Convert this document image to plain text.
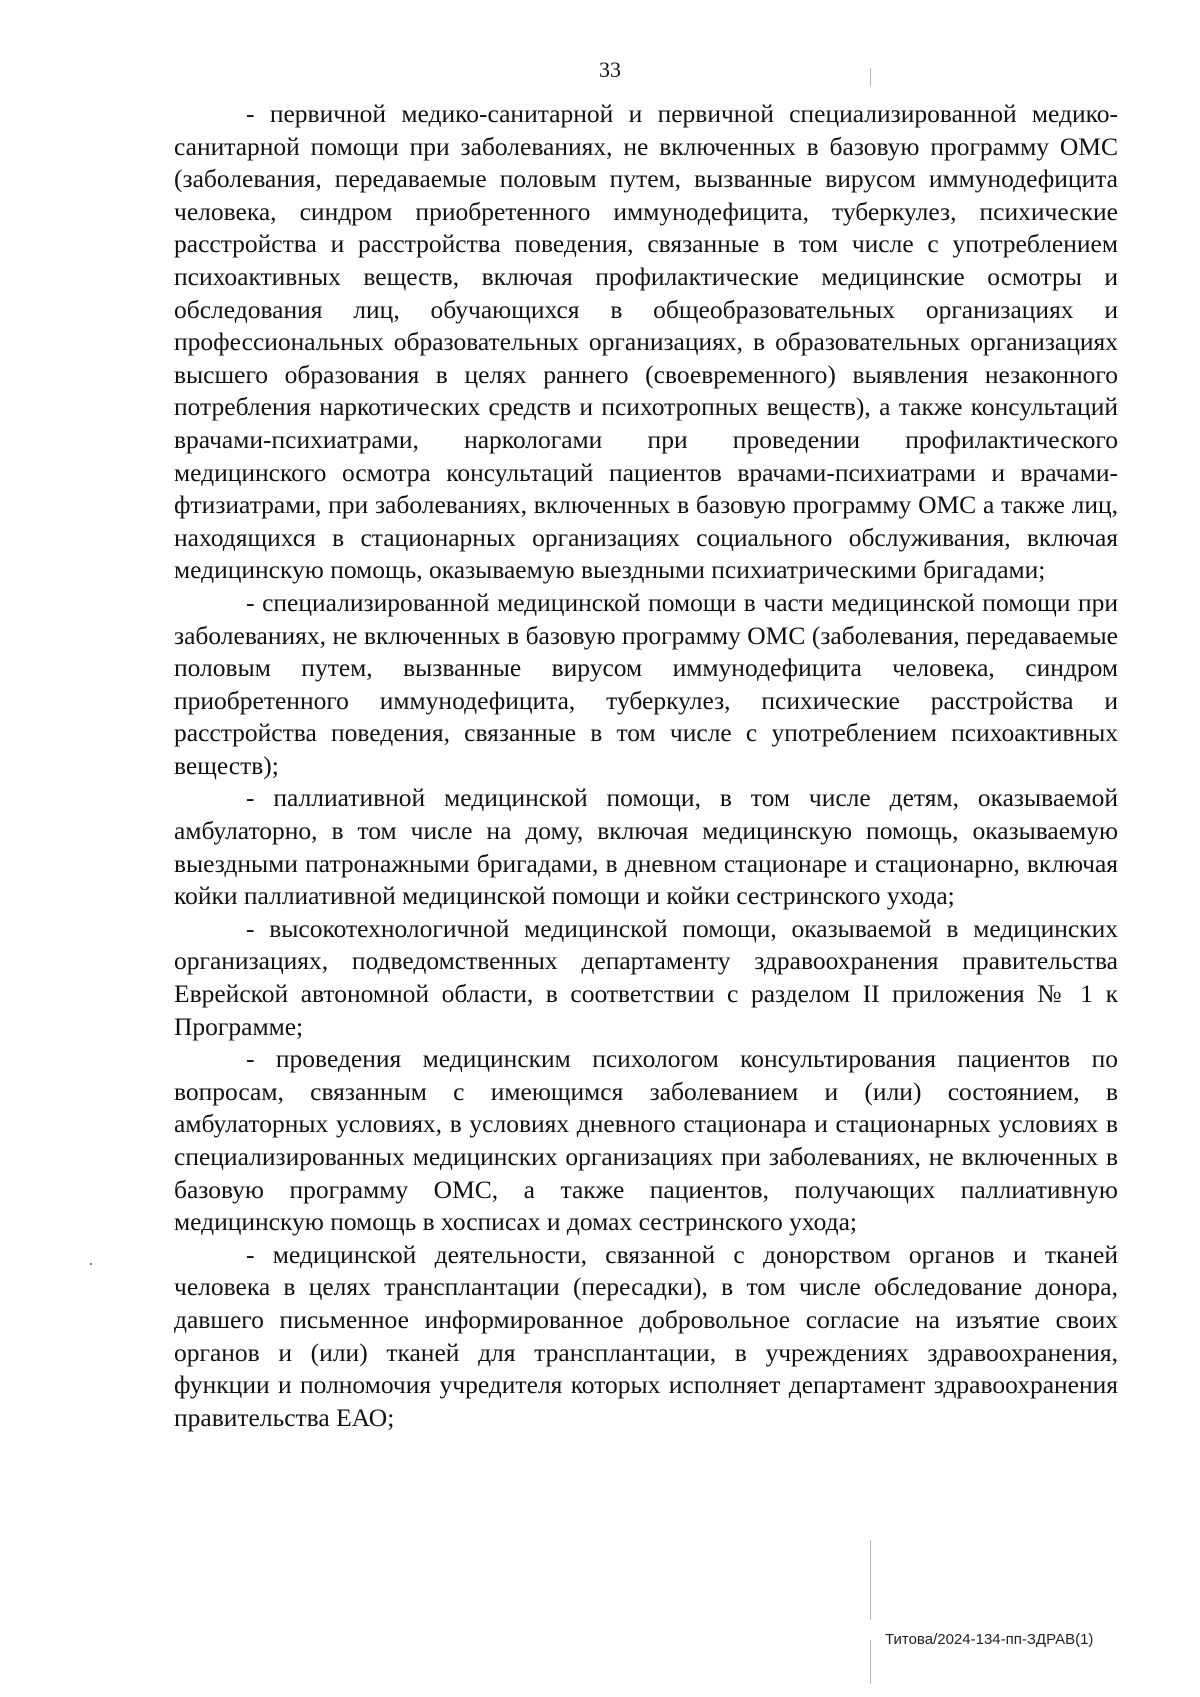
33

- первичной медико-санитарной и первичной специализированной медико-санитарной помощи при заболеваниях, не включенных в базовую программу ОМС (заболевания, передаваемые половым путем, вызванные вирусом иммунодефицита человека, синдром приобретенного иммунодефицита, туберкулез, психические расстройства и расстройства поведения, связанные в том числе с употреблением психоактивных веществ, включая профилактические медицинские осмотры и обследования лиц, обучающихся в общеобразовательных организациях и профессиональных образовательных организациях, в образовательных организациях высшего образования в целях раннего (своевременного) выявления незаконного потребления наркотических средств и психотропных веществ), а также консультаций врачами-психиатрами, наркологами при проведении профилактического медицинского осмотра консультаций пациентов врачами-психиатрами и врачами-фтизиатрами, при заболеваниях, включенных в базовую программу ОМС а также лиц, находящихся в стационарных организациях социального обслуживания, включая медицинскую помощь, оказываемую выездными психиатрическими бригадами;

- специализированной медицинской помощи в части медицинской помощи при заболеваниях, не включенных в базовую программу ОМС (заболевания, передаваемые половым путем, вызванные вирусом иммунодефицита человека, синдром приобретенного иммунодефицита, туберкулез, психические расстройства и расстройства поведения, связанные в том числе с употреблением психоактивных веществ);

- паллиативной медицинской помощи, в том числе детям, оказываемой амбулаторно, в том числе на дому, включая медицинскую помощь, оказываемую выездными патронажными бригадами, в дневном стационаре и стационарно, включая койки паллиативной медицинской помощи и койки сестринского ухода;

- высокотехнологичной медицинской помощи, оказываемой в медицинских организациях, подведомственных департаменту здравоохранения правительства Еврейской автономной области, в соответствии с разделом II приложения № 1 к Программе;

- проведения медицинским психологом консультирования пациентов по вопросам, связанным с имеющимся заболеванием и (или) состоянием, в амбулаторных условиях, в условиях дневного стационара и стационарных условиях в специализированных медицинских организациях при заболеваниях, не включенных в базовую программу ОМС, а также пациентов, получающих паллиативную медицинскую помощь в хосписах и домах сестринского ухода;

- медицинской деятельности, связанной с донорством органов и тканей человека в целях трансплантации (пересадки), в том числе обследование донора, давшего письменное информированное добровольное согласие на изъятие своих органов и (или) тканей для трансплантации, в учреждениях здравоохранения, функции и полномочия учредителя которых исполняет департамент здравоохранения правительства ЕАО;

Титова/2024-134-пп-ЗДРАВ(1)
